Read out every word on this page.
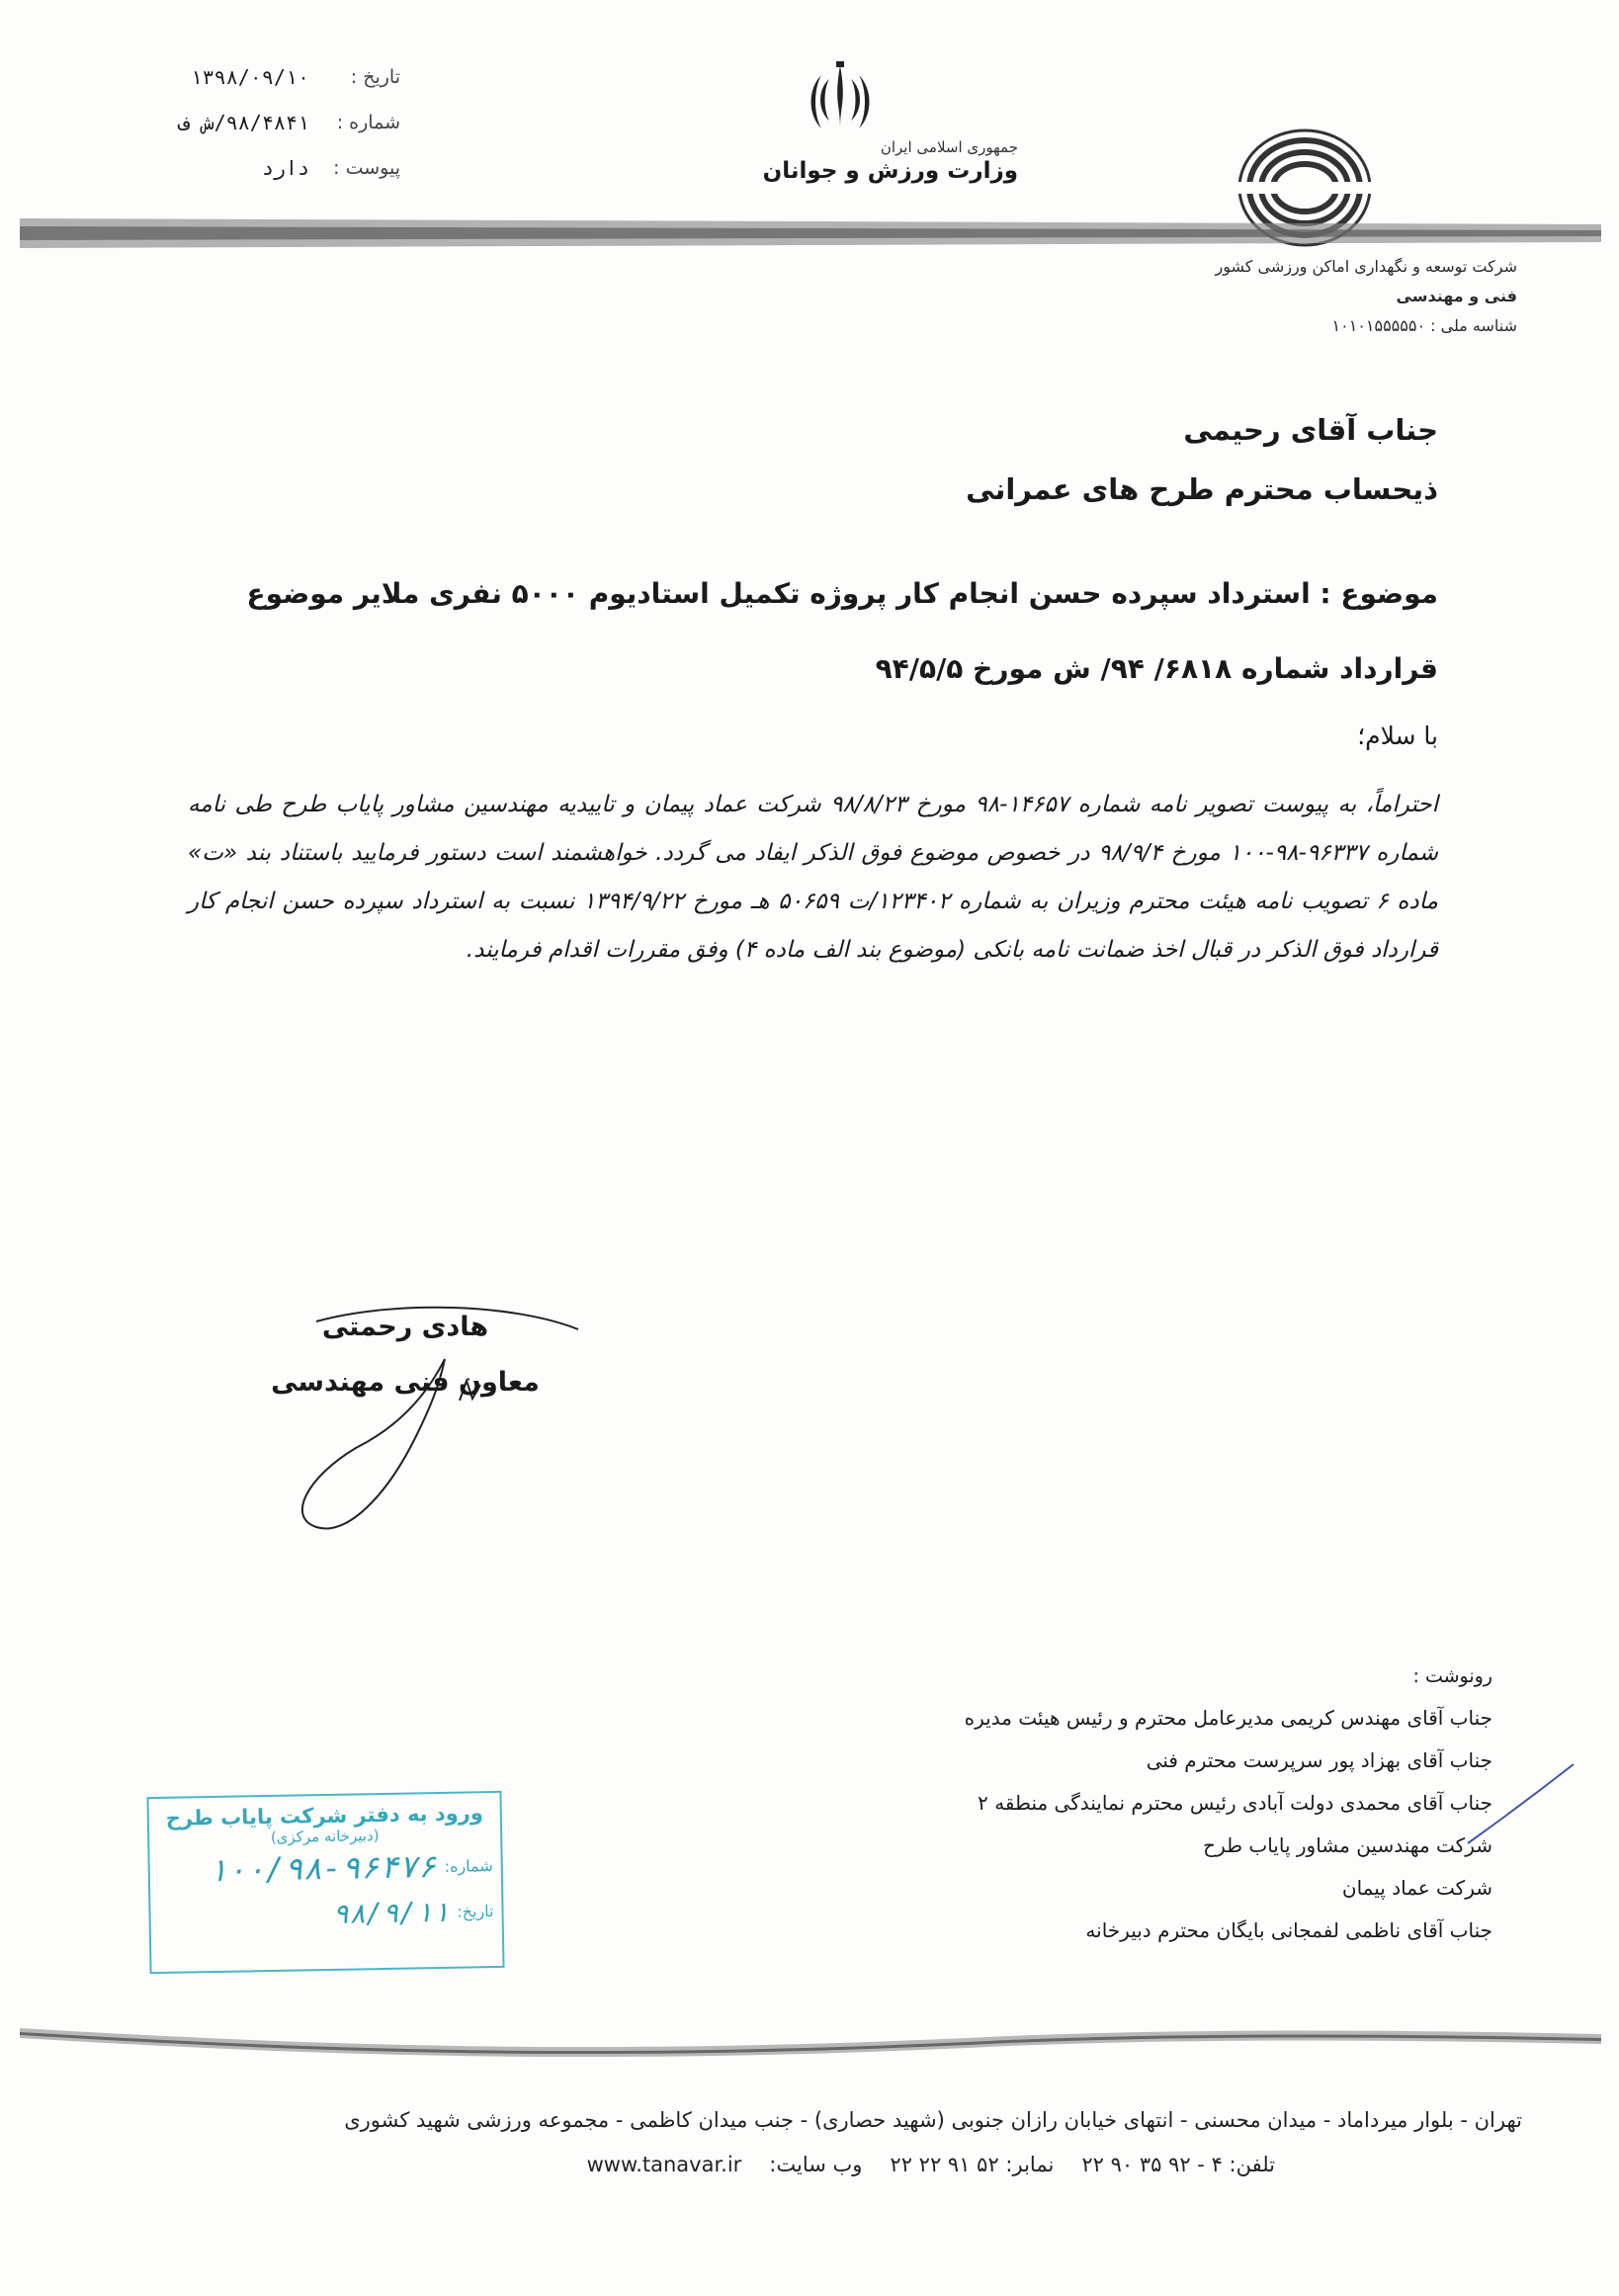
تاریخ :
۱۳۹۸/۰۹/۱۰
شماره :
۹۸/۴۸۴۱/ش ف
پیوست :
دارد
جمهوری اسلامی ایران
وزارت ورزش و جوانان
شرکت توسعه و نگهداری اماکن ورزشی کشور
فنی و مهندسی
شناسه ملی : ۱۰۱۰۱۵۵۵۵۵۰
جناب آقای رحیمی
ذیحساب محترم طرح های عمرانی
موضوع : استرداد سپرده حسن انجام کار پروژه تکمیل استادیوم ۵۰۰۰ نفری ملایر موضوع قرارداد شماره ۶۸۱۸/ ۹۴/ ش مورخ ۹۴/۵/۵
با سلام؛
احتراماً، به پیوست تصویر نامه شماره ۱۴۶۵۷-۹۸ مورخ ۹۸/۸/۲۳ شرکت عماد پیمان و تاییدیه مهندسین مشاور پایاب طرح طی نامه شماره ۹۶۳۳۷-۹۸-۱۰۰ مورخ ۹۸/۹/۴ در خصوص موضوع فوق الذکر ایفاد می گردد. خواهشمند است دستور فرمایید باستناد بند «ت» ماده ۶ تصویب نامه هیئت محترم وزیران به شماره ۱۲۳۴۰۲/ت ۵۰۶۵۹ هـ مورخ ۱۳۹۴/۹/۲۲ نسبت به استرداد سپرده حسن انجام کار قرارداد فوق الذکر در قبال اخذ ضمانت نامه بانکی (موضوع بند الف ماده ۴) وفق مقررات اقدام فرمایند.
هادی رحمتی
معاون فنی مهندسی
رونوشت :
جناب آقای مهندس کریمی مدیرعامل محترم و رئیس هیئت مدیره
جناب آقای بهزاد پور سرپرست محترم فنی
جناب آقای محمدی دولت آبادی رئیس محترم نمایندگی منطقه ۲
شرکت مهندسین مشاور پایاب طرح
شرکت عماد پیمان
جناب آقای ناظمی لفمجانی بایگان محترم دبیرخانه
ورود به دفتر شرکت پایاب طرح
(دبیرخانه مرکزی)
شماره:
۱۰۰/۹۸-۹۶۴۷۶
تاریخ:
۹۸/۹/۱۱
تهران - بلوار میرداماد - میدان محسنی - انتهای خیابان رازان جنوبی (شهید حصاری) - جنب میدان کاظمی - مجموعه ورزشی شهید کشوری
تلفن: ۴ - ۹۲ ۳۵ ۹۰ ۲۲
نمابر: ۵۲ ۹۱ ۲۲ ۲۲
وب سایت:
www.tanavar.ir
